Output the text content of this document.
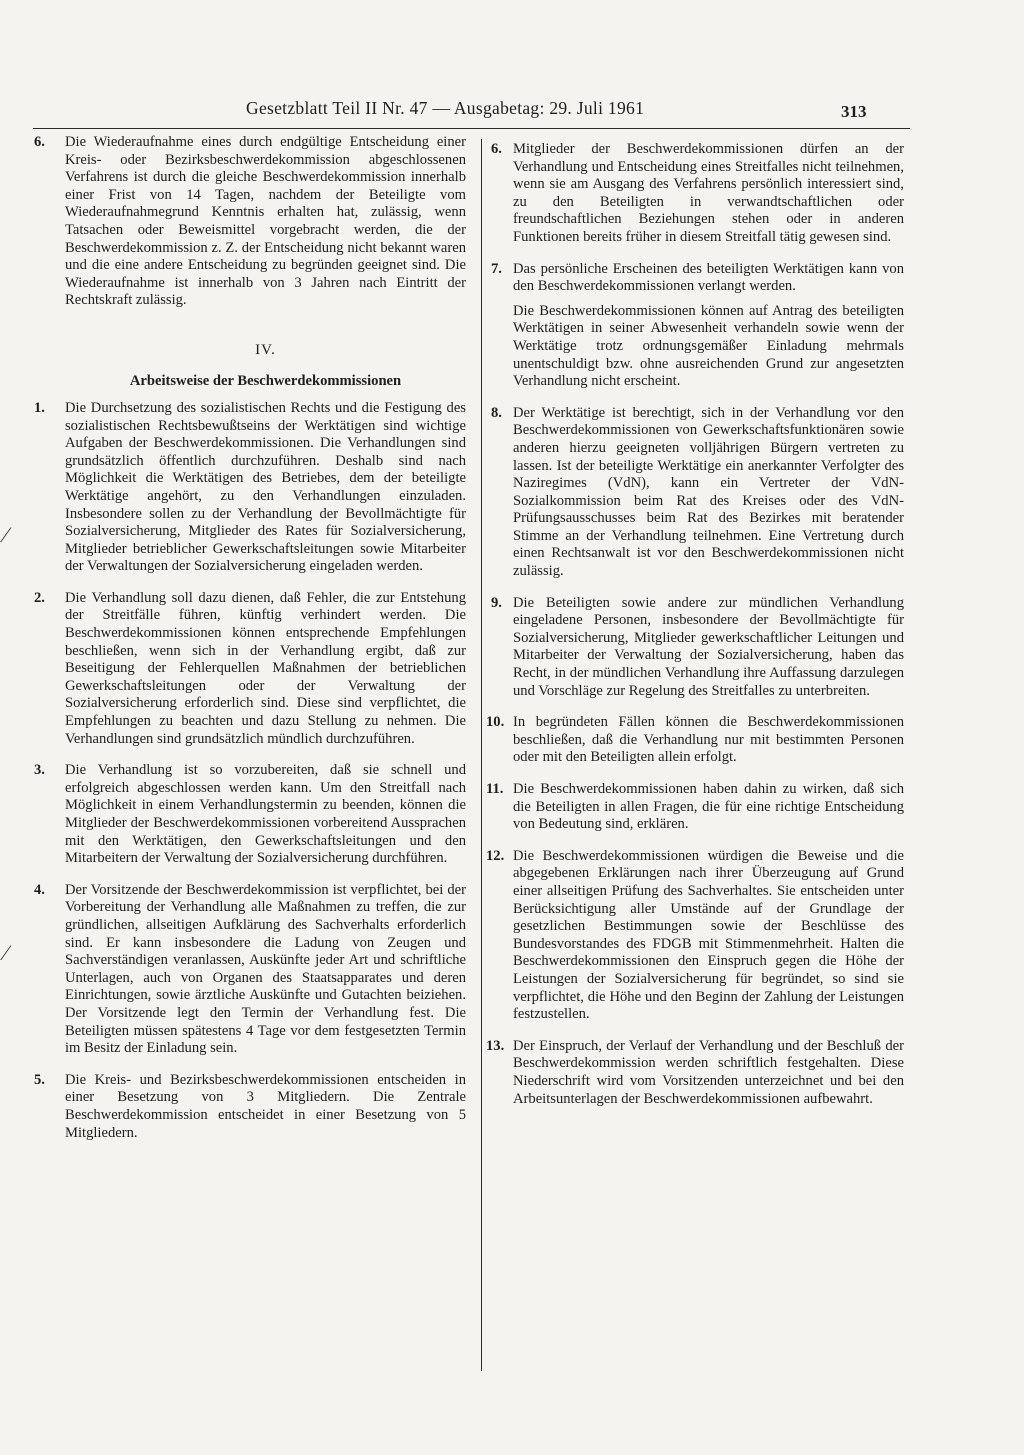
Gesetzblatt Teil II Nr. 47 — Ausgabetag: 29. Juli 1961	313
⁄
⁄
6. Die Wiederaufnahme eines durch endgültige Entscheidung einer Kreis- oder Bezirksbeschwerdekommission abgeschlossenen Verfahrens ist durch die gleiche Beschwerdekommission innerhalb einer Frist von 14 Tagen, nachdem der Beteiligte vom Wiederaufnahmegrund Kenntnis erhalten hat, zulässig, wenn Tatsachen oder Beweismittel vorgebracht werden, die der Beschwerdekommission z. Z. der Entscheidung nicht bekannt waren und die eine andere Entscheidung zu begründen geeignet sind. Die Wiederaufnahme ist innerhalb von 3 Jahren nach Eintritt der Rechtskraft zulässig.
IV.
Arbeitsweise der Beschwerdekommissionen
1. Die Durchsetzung des sozialistischen Rechts und die Festigung des sozialistischen Rechtsbewußtseins der Werktätigen sind wichtige Aufgaben der Beschwerdekommissionen. Die Verhandlungen sind grundsätzlich öffentlich durchzuführen. Deshalb sind nach Möglichkeit die Werktätigen des Betriebes, dem der beteiligte Werktätige angehört, zu den Verhandlungen einzuladen. Insbesondere sollen zu der Verhandlung der Bevollmächtigte für Sozialversicherung, Mitglieder des Rates für Sozialversicherung, Mitglieder betrieblicher Gewerkschaftsleitungen sowie Mitarbeiter der Verwaltungen der Sozialversicherung eingeladen werden.
2. Die Verhandlung soll dazu dienen, daß Fehler, die zur Entstehung der Streitfälle führen, künftig verhindert werden. Die Beschwerdekommissionen können entsprechende Empfehlungen beschließen, wenn sich in der Verhandlung ergibt, daß zur Beseitigung der Fehlerquellen Maßnahmen der betrieblichen Gewerkschaftsleitungen oder der Verwaltung der Sozialversicherung erforderlich sind. Diese sind verpflichtet, die Empfehlungen zu beachten und dazu Stellung zu nehmen. Die Verhandlungen sind grundsätzlich mündlich durchzuführen.
3. Die Verhandlung ist so vorzubereiten, daß sie schnell und erfolgreich abgeschlossen werden kann. Um den Streitfall nach Möglichkeit in einem Verhandlungstermin zu beenden, können die Mitglieder der Beschwerdekommissionen vorbereitend Aussprachen mit den Werktätigen, den Gewerkschaftsleitungen und den Mitarbeitern der Verwaltung der Sozialversicherung durchführen.
4. Der Vorsitzende der Beschwerdekommission ist verpflichtet, bei der Vorbereitung der Verhandlung alle Maßnahmen zu treffen, die zur gründlichen, allseitigen Aufklärung des Sachverhalts erforderlich sind. Er kann insbesondere die Ladung von Zeugen und Sachverständigen veranlassen, Auskünfte jeder Art und schriftliche Unterlagen, auch von Organen des Staatsapparates und deren Einrichtungen, sowie ärztliche Auskünfte und Gutachten beiziehen. Der Vorsitzende legt den Termin der Verhandlung fest. Die Beteiligten müssen spätestens 4 Tage vor dem festgesetzten Termin im Besitz der Einladung sein.
5. Die Kreis- und Bezirksbeschwerdekommissionen entscheiden in einer Besetzung von 3 Mitgliedern. Die Zentrale Beschwerdekommission entscheidet in einer Besetzung von 5 Mitgliedern.
6. Mitglieder der Beschwerdekommissionen dürfen an der Verhandlung und Entscheidung eines Streitfalles nicht teilnehmen, wenn sie am Ausgang des Verfahrens persönlich interessiert sind, zu den Beteiligten in verwandtschaftlichen oder freundschaftlichen Beziehungen stehen oder in anderen Funktionen bereits früher in diesem Streitfall tätig gewesen sind.
7. Das persönliche Erscheinen des beteiligten Werktätigen kann von den Beschwerdekommissionen verlangt werden.
Die Beschwerdekommissionen können auf Antrag des beteiligten Werktätigen in seiner Abwesenheit verhandeln sowie wenn der Werktätige trotz ordnungsgemäßer Einladung mehrmals unentschuldigt bzw. ohne ausreichenden Grund zur angesetzten Verhandlung nicht erscheint.
8. Der Werktätige ist berechtigt, sich in der Verhandlung vor den Beschwerdekommissionen von Gewerkschaftsfunktionären sowie anderen hierzu geeigneten volljährigen Bürgern vertreten zu lassen. Ist der beteiligte Werktätige ein anerkannter Verfolgter des Naziregimes (VdN), kann ein Vertreter der VdN-Sozialkommission beim Rat des Kreises oder des VdN-Prüfungsausschusses beim Rat des Bezirkes mit beratender Stimme an der Verhandlung teilnehmen. Eine Vertretung durch einen Rechtsanwalt ist vor den Beschwerdekommissionen nicht zulässig.
9. Die Beteiligten sowie andere zur mündlichen Verhandlung eingeladene Personen, insbesondere der Bevollmächtigte für Sozialversicherung, Mitglieder gewerkschaftlicher Leitungen und Mitarbeiter der Verwaltung der Sozialversicherung, haben das Recht, in der mündlichen Verhandlung ihre Auffassung darzulegen und Vorschläge zur Regelung des Streitfalles zu unterbreiten.
10. In begründeten Fällen können die Beschwerdekommissionen beschließen, daß die Verhandlung nur mit bestimmten Personen oder mit den Beteiligten allein erfolgt.
11. Die Beschwerdekommissionen haben dahin zu wirken, daß sich die Beteiligten in allen Fragen, die für eine richtige Entscheidung von Bedeutung sind, erklären.
12. Die Beschwerdekommissionen würdigen die Beweise und die abgegebenen Erklärungen nach ihrer Überzeugung auf Grund einer allseitigen Prüfung des Sachverhaltes. Sie entscheiden unter Berücksichtigung aller Umstände auf der Grundlage der gesetzlichen Bestimmungen sowie der Beschlüsse des Bundesvorstandes des FDGB mit Stimmenmehrheit. Halten die Beschwerdekommissionen den Einspruch gegen die Höhe der Leistungen der Sozialversicherung für begründet, so sind sie verpflichtet, die Höhe und den Beginn der Zahlung der Leistungen festzustellen.
13. Der Einspruch, der Verlauf der Verhandlung und der Beschluß der Beschwerdekommission werden schriftlich festgehalten. Diese Niederschrift wird vom Vorsitzenden unterzeichnet und bei den Arbeitsunterlagen der Beschwerdekommissionen aufbewahrt.
